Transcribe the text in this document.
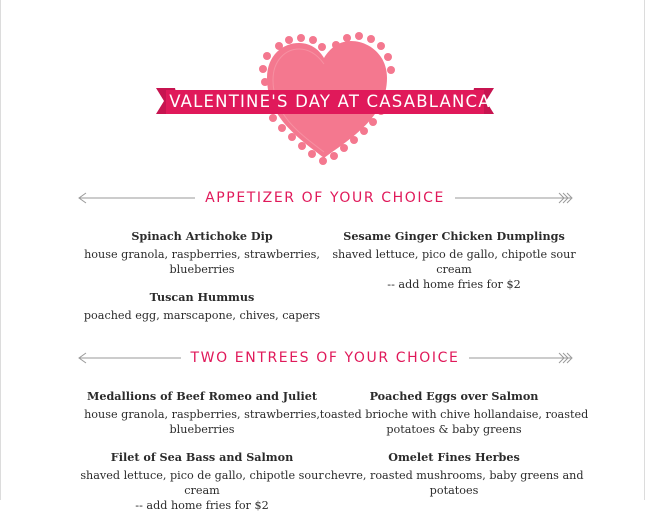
VALENTINE'S DAY AT CASABLANCA
APPETIZER OF YOUR CHOICE
Spinach Artichoke Dip
house granola, raspberries, strawberries,
blueberries
Sesame Ginger Chicken Dumplings
shaved lettuce, pico de gallo, chipotle sour cream
-- add home fries for $2
Tuscan Hummus
poached egg, marscapone, chives, capers
TWO ENTREES OF YOUR CHOICE
Medallions of Beef Romeo and Juliet
house granola, raspberries, strawberries,
blueberries
Poached Eggs over Salmon
toasted brioche with chive hollandaise, roasted
potatoes & baby greens
Filet of Sea Bass and Salmon
shaved lettuce, pico de gallo, chipotle sour cream
-- add home fries for $2
Omelet Fines Herbes
chevre, roasted mushrooms, baby greens and
potatoes
